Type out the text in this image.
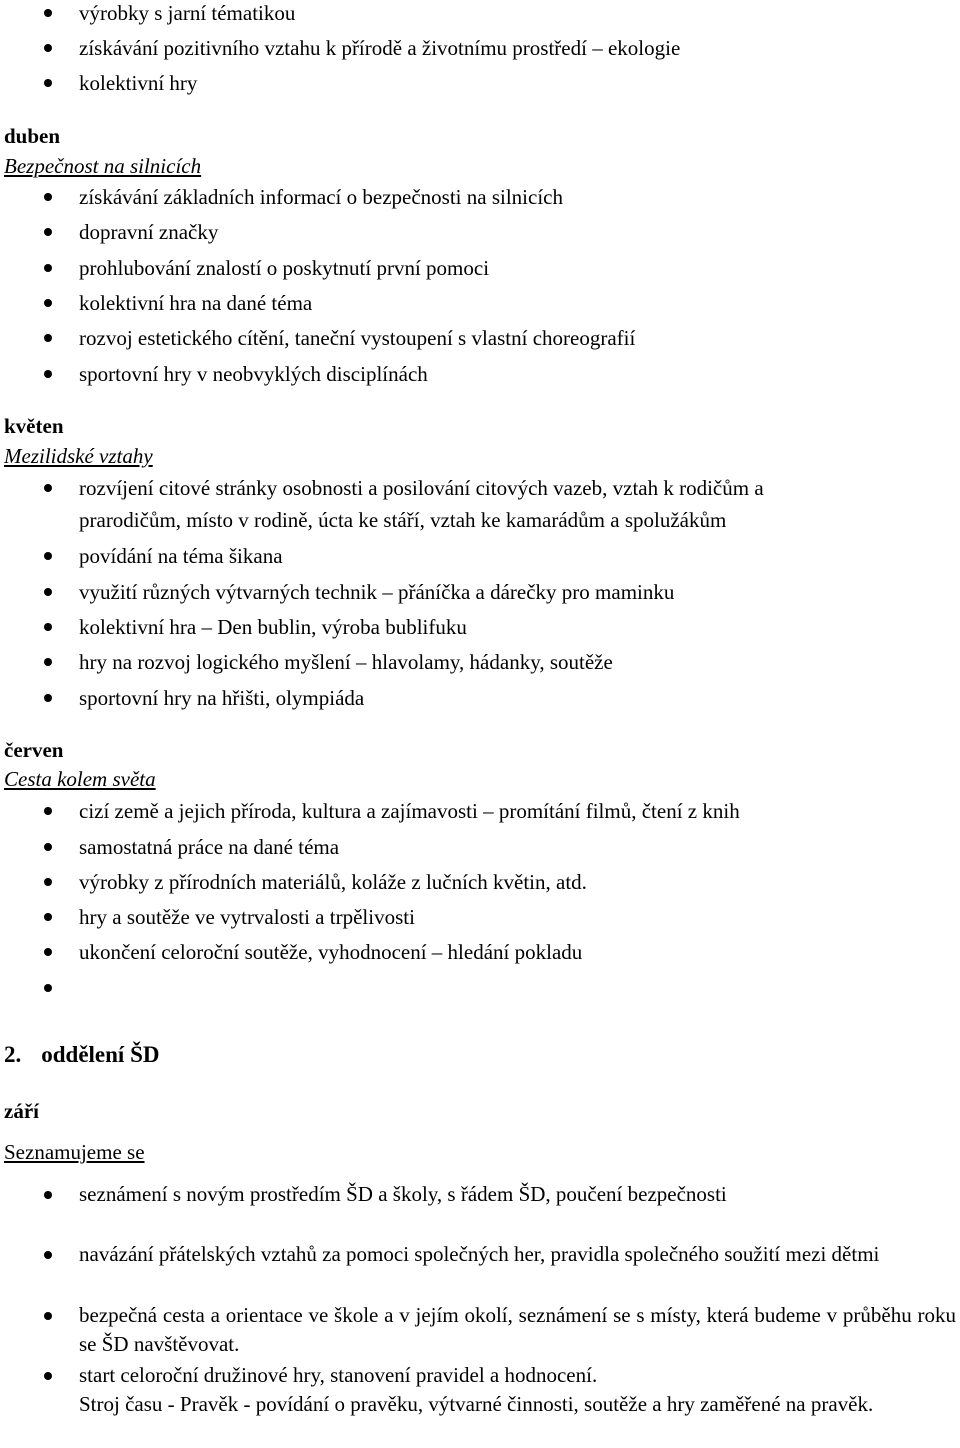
výrobky s jarní tématikou
získávání pozitivního vztahu k přírodě a životnímu prostředí – ekologie
kolektivní hry
duben
Bezpečnost na silnicích
získávání základních informací o bezpečnosti na silnicích
dopravní značky
prohlubování znalostí o poskytnutí první pomoci
kolektivní hra na dané téma
rozvoj estetického cítění, taneční vystoupení s vlastní choreografií
sportovní hry v neobvyklých disciplínách
květen
Mezilidské vztahy
rozvíjení citové stránky osobnosti a posilování citových vazeb, vztah k rodičům a
prarodičům, místo v rodině, úcta ke stáří, vztah ke kamarádům a spolužákům
povídání na téma šikana
využití různých výtvarných technik – přáníčka a dárečky pro maminku
kolektivní hra – Den bublin, výroba bublifuku
hry na rozvoj logického myšlení – hlavolamy, hádanky, soutěže
sportovní hry na hřišti, olympiáda
červen
Cesta kolem světa
cizí země a jejich příroda, kultura a zajímavosti – promítání filmů, čtení z knih
samostatná práce na dané téma
výrobky z přírodních materiálů, koláže z lučních květin, atd.
hry a soutěže ve vytrvalosti a trpělivosti
ukončení celoroční soutěže, vyhodnocení – hledání pokladu
2. oddělení ŠD
září
Seznamujeme se
seznámení s novým prostředím ŠD a školy, s řádem ŠD, poučení bezpečnosti
navázání přátelských vztahů za pomoci společných her, pravidla společného soužití mezi dětmi
bezpečná cesta a orientace ve škole a v jejím okolí, seznámení se s místy, která budeme v průběhu roku se ŠD navštěvovat.
start celoroční družinové hry, stanovení pravidel a hodnocení.
Stroj času - Pravěk - povídání o pravěku, výtvarné činnosti, soutěže a hry zaměřené na pravěk.
